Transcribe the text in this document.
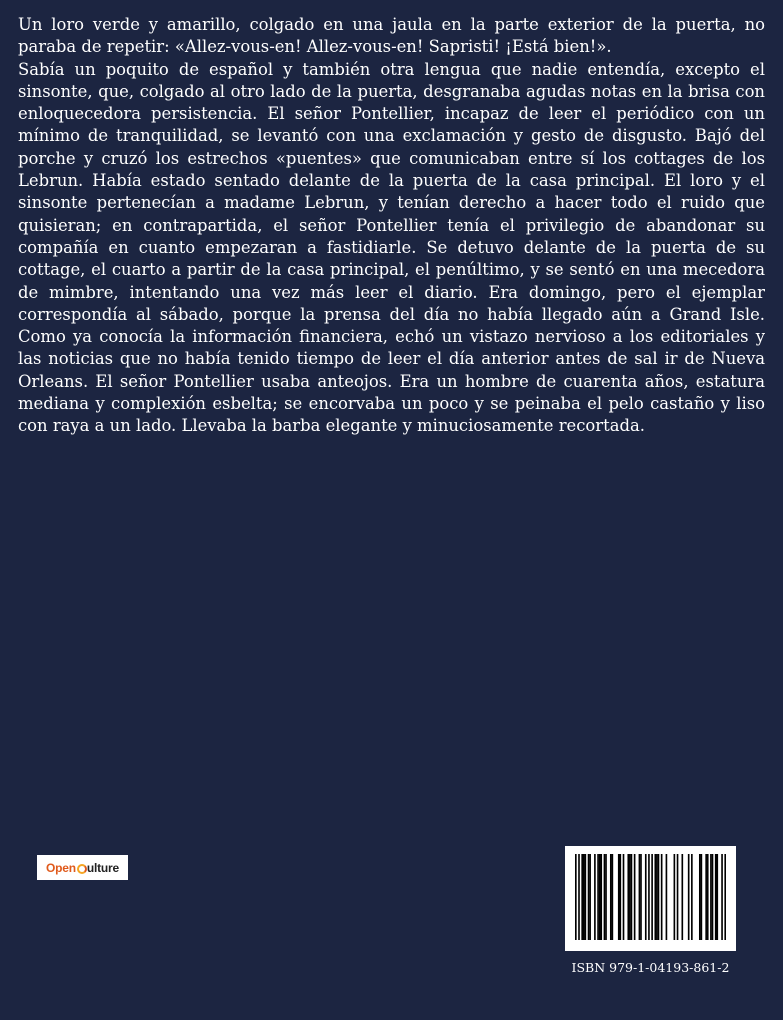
Un loro verde y amarillo, colgado en una jaula en la parte exterior de la puerta, no paraba de repetir: «Allez-vous-en! Allez-vous-en! Sapristi! ¡Está bien!».

Sabía un poquito de español y también otra lengua que nadie entendía, excepto el sinsonte, que, colgado al otro lado de la puerta, desgranaba agudas notas en la brisa con enloquecedora persistencia. El señor Pontellier, incapaz de leer el periódico con un mínimo de tranquilidad, se levantó con una exclamación y gesto de disgusto. Bajó del porche y cruzó los estrechos «puentes» que comunicaban entre sí los cottages de los Lebrun. Había estado sentado delante de la puerta de la casa principal. El loro y el sinsonte pertenecían a madame Lebrun, y tenían derecho a hacer todo el ruido que quisieran; en contrapartida, el señor Pontellier tenía el privilegio de abandonar su compañía en cuanto empezaran a fastidiarle. Se detuvo delante de la puerta de su cottage, el cuarto a partir de la casa principal, el penúltimo, y se sentó en una mecedora de mimbre, intentando una vez más leer el diario. Era domingo, pero el ejemplar correspondía al sábado, porque la prensa del día no había llegado aún a Grand Isle. Como ya conocía la información financiera, echó un vistazo nervioso a los editoriales y las noticias que no había tenido tiempo de leer el día anterior antes de sal ir de Nueva Orleans. El señor Pontellier usaba anteojos. Era un hombre de cuarenta años, estatura mediana y complexión esbelta; se encorvaba un poco y se peinaba el pelo castaño y liso con raya a un lado. Llevaba la barba elegante y minuciosamente recortada.

Open ulture
ISBN 979-1-04193-861-2
